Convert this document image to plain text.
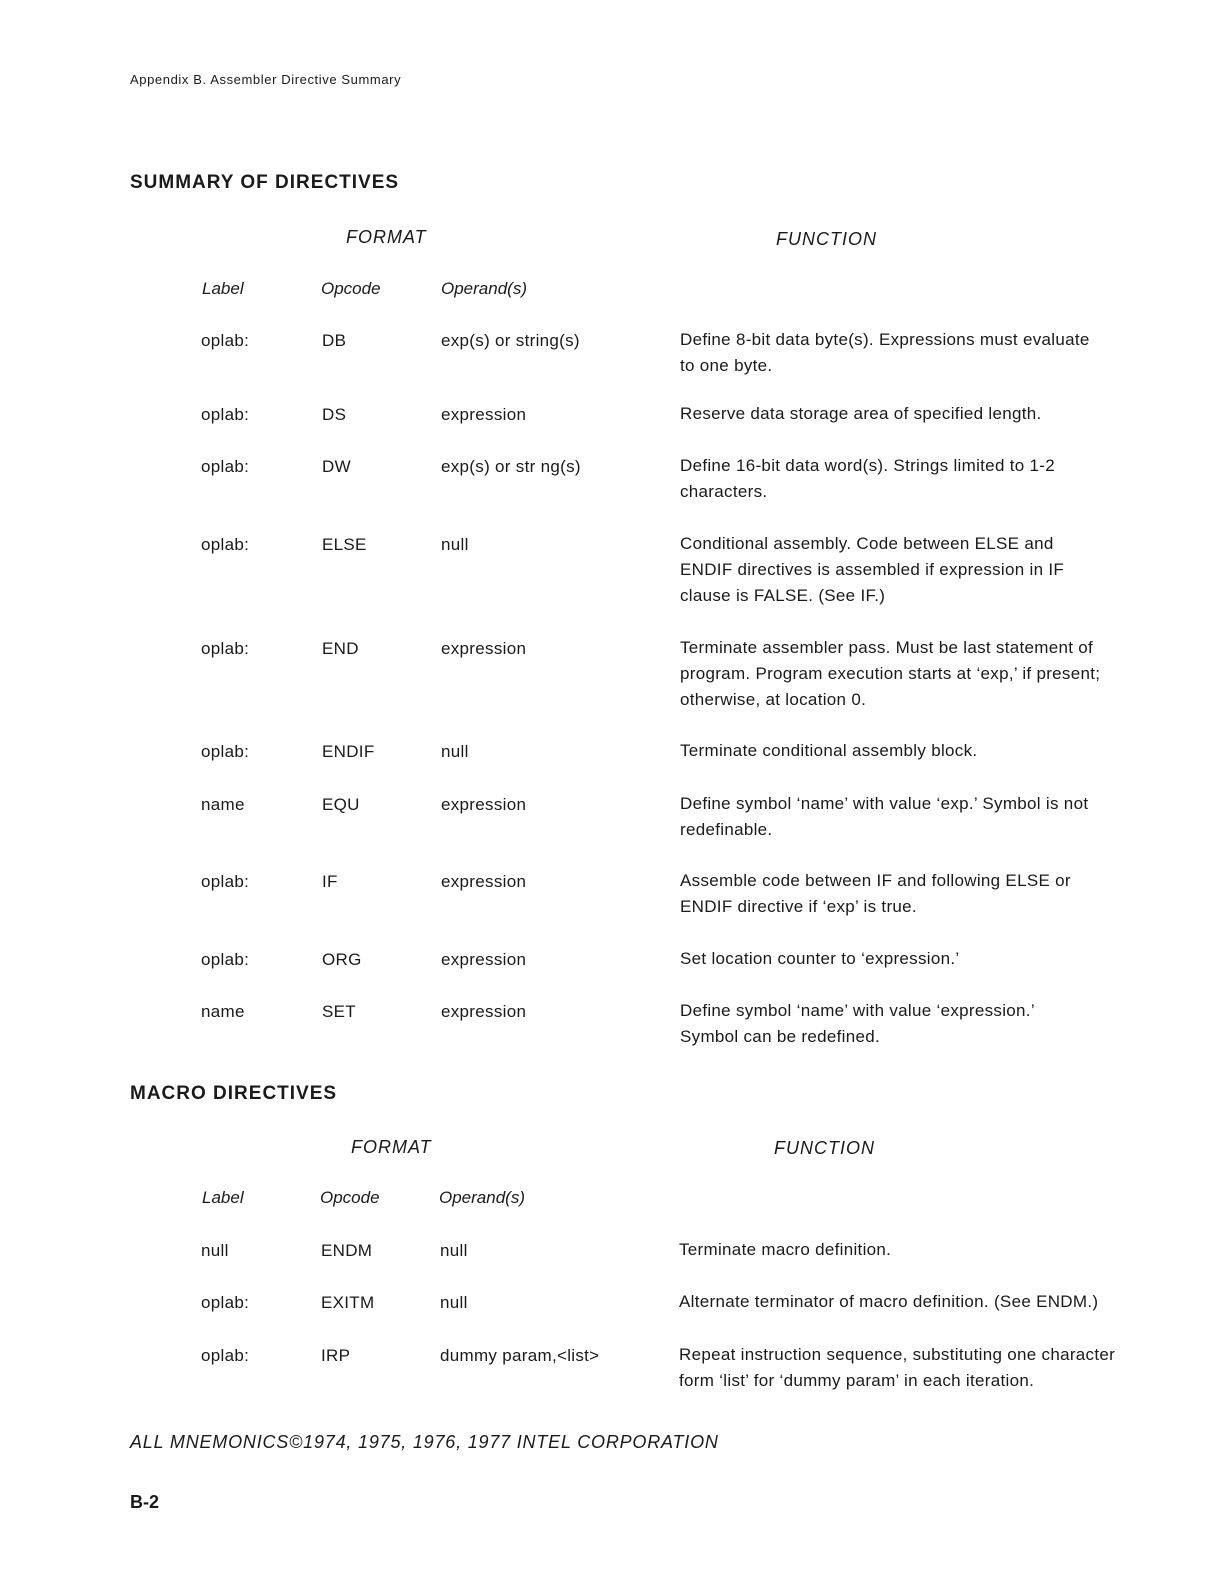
Appendix B. Assembler Directive Summary
SUMMARY OF DIRECTIVES
FORMAT	FUNCTION
Label	Opcode	Operand(s)
oplab:	DB	exp(s) or string(s)	Define 8-bit data byte(s). Expressions must evaluate
to one byte.
oplab:	DS	expression	Reserve data storage area of specified length.
oplab:	DW	exp(s) or str ng(s)	Define 16-bit data word(s). Strings limited to 1-2
characters.
oplab:	ELSE	null	Conditional assembly. Code between ELSE and
ENDIF directives is assembled if expression in IF
clause is FALSE. (See IF.)
oplab:	END	expression	Terminate assembler pass. Must be last statement of
program. Program execution starts at ‘exp,’ if present;
otherwise, at location 0.
oplab:	ENDIF	null	Terminate conditional assembly block.
name	EQU	expression	Define symbol ‘name’ with value ‘exp.’ Symbol is not
redefinable.
oplab:	IF	expression	Assemble code between IF and following ELSE or
ENDIF directive if ‘exp’ is true.
oplab:	ORG	expression	Set location counter to ‘expression.’
name	SET	expression	Define symbol ‘name’ with value ‘expression.’
Symbol can be redefined.
MACRO DIRECTIVES
FORMAT	FUNCTION
Label	Opcode	Operand(s)
null	ENDM	null	Terminate macro definition.
oplab:	EXITM	null	Alternate terminator of macro definition. (See ENDM.)
oplab:	IRP	dummy param,<list>	Repeat instruction sequence, substituting one character
form ‘list’ for ‘dummy param’ in each iteration.
ALL MNEMONICS©1974, 1975, 1976, 1977 INTEL CORPORATION
B-2
